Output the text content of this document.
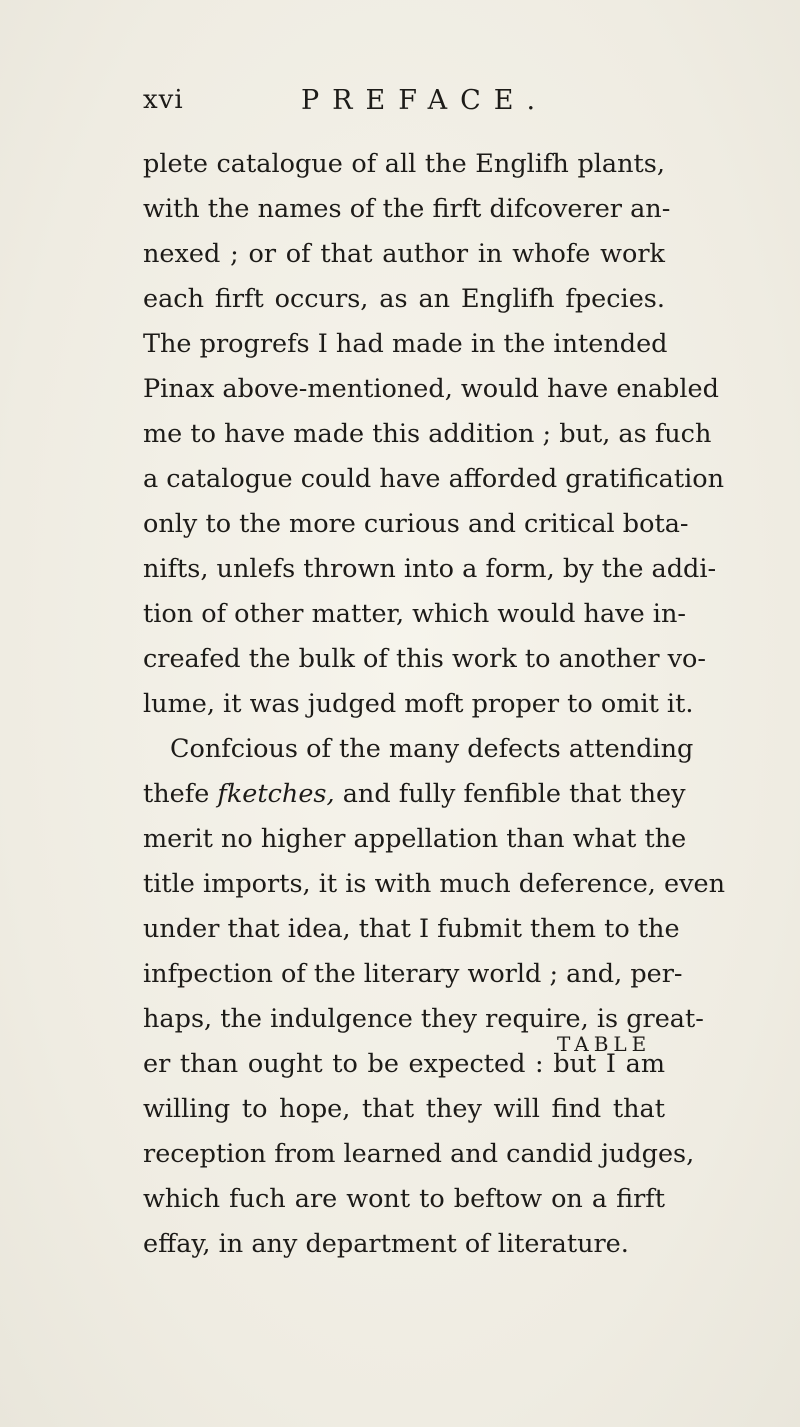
xvi	PREFACE.
plete catalogue of all the Englifh plants,
with the names of the firft difcoverer an-
nexed ; or of that author in whofe work
each firft occurs, as an Englifh fpecies.
The progrefs I had made in the intended
Pinax above-mentioned, would have enabled
me to have made this addition ; but, as fuch
a catalogue could have afforded gratification
only to the more curious and critical bota-
nifts, unlefs thrown into a form, by the addi-
tion of other matter, which would have in-
creafed the bulk of this work to another vo-
lume, it was judged moft proper to omit it.
Confcious of the many defects attending
thefe fketches, and fully fenfible that they
merit no higher appellation than what the
title imports, it is with much deference, even
under that idea, that I fubmit them to the
infpection of the literary world ; and, per-
haps, the indulgence they require, is great-
er than ought to be expected : but I am
willing to hope, that they will find that
reception from learned and candid judges,
which fuch are wont to beftow on a firft
effay, in any department of literature.
TABLE
